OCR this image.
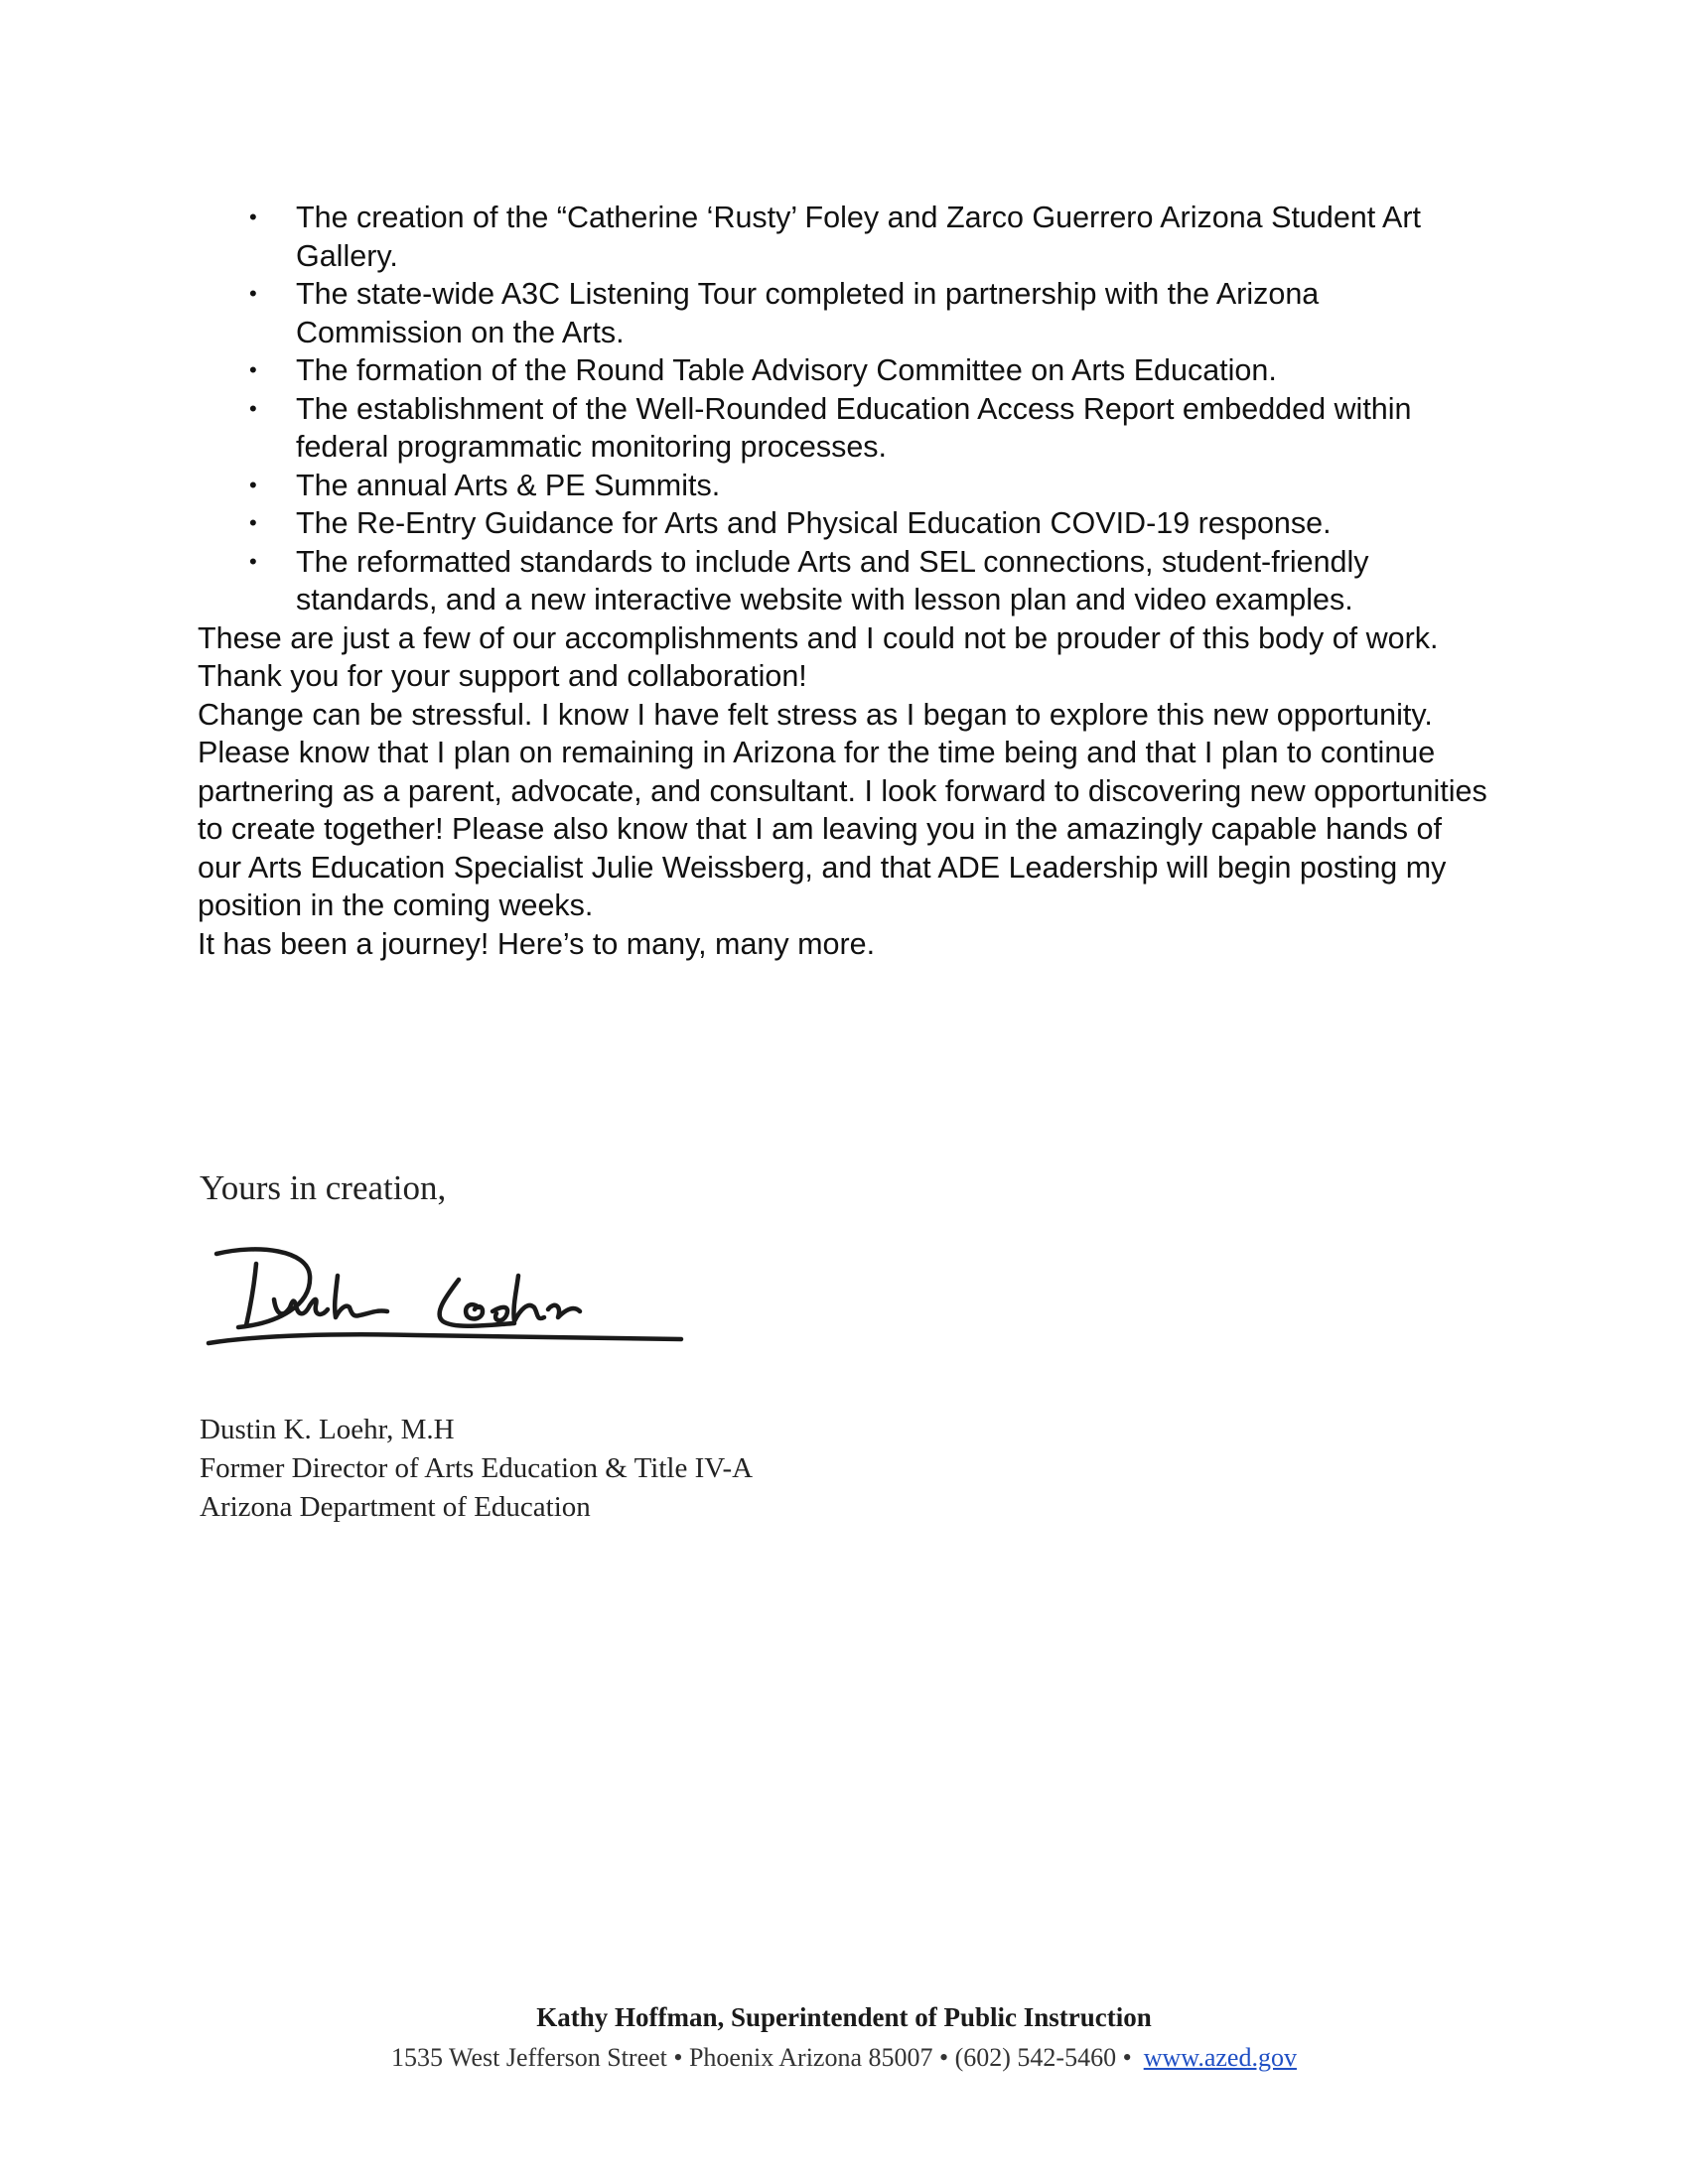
• The creation of the “Catherine ‘Rusty’ Foley and Zarco Guerrero Arizona Student Art Gallery.
• The state-wide A3C Listening Tour completed in partnership with the Arizona Commission on the Arts.
• The formation of the Round Table Advisory Committee on Arts Education.
• The establishment of the Well-Rounded Education Access Report embedded within federal programmatic monitoring processes.
• The annual Arts & PE Summits.
• The Re-Entry Guidance for Arts and Physical Education COVID-19 response.
• The reformatted standards to include Arts and SEL connections, student-friendly standards, and a new interactive website with lesson plan and video examples.

These are just a few of our accomplishments and I could not be prouder of this body of work. Thank you for your support and collaboration!

Change can be stressful. I know I have felt stress as I began to explore this new opportunity. Please know that I plan on remaining in Arizona for the time being and that I plan to continue partnering as a parent, advocate, and consultant. I look forward to discovering new opportunities to create together! Please also know that I am leaving you in the amazingly capable hands of our Arts Education Specialist Julie Weissberg, and that ADE Leadership will begin posting my position in the coming weeks.

It has been a journey! Here’s to many, many more.

Yours in creation,
Dustin K. Loehr, M.H
Former Director of Arts Education & Title IV-A
Arizona Department of Education
Kathy Hoffman, Superintendent of Public Instruction
1535 West Jefferson Street • Phoenix Arizona 85007 • (602) 542-5460 • www.azed.gov
